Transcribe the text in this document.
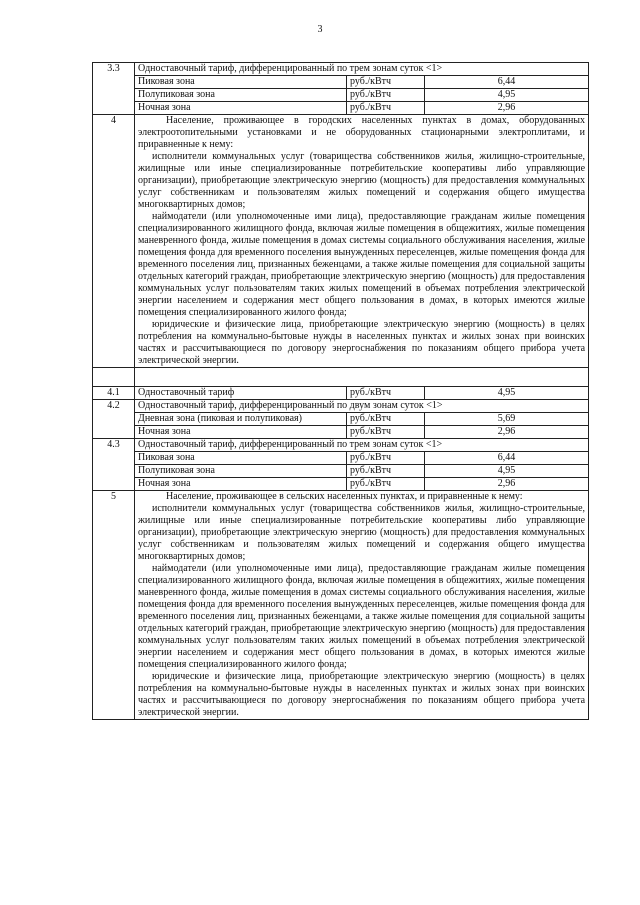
3
3.3	Одноставочный тариф, дифференцированный по трем зонам суток <1>		
	Пиковая зона	руб./кВтч	6,44
	Полупиковая зона	руб./кВтч	4,95
	Ночная зона	руб./кВтч	2,96
4	Население, проживающее в городских населенных пунктах в домах, оборудованных электроотопительными установками и не оборудованных стационарными электроплитами, и приравненные к нему:
исполнители коммунальных услуг (товарищества собственников жилья, жилищно-строительные, жилищные или иные специализированные потребительские кооперативы либо управляющие организации), приобретающие электрическую энергию (мощность) для предоставления коммунальных услуг собственникам и пользователям жилых помещений и содержания общего имущества многоквартирных домов;
наймодатели (или уполномоченные ими лица), предоставляющие гражданам жилые помещения специализированного жилищного фонда, включая жилые помещения в общежитиях, жилые помещения маневренного фонда, жилые помещения в домах системы социального обслуживания населения, жилые помещения фонда для временного поселения вынужденных переселенцев, жилые помещения фонда для временного поселения лиц, признанных беженцами, а также жилые помещения для социальной защиты отдельных категорий граждан, приобретающие электрическую энергию (мощность) для предоставления коммунальных услуг пользователям таких жилых помещений в объемах потребления электрической энергии населением и содержания мест общего пользования в домах, в которых имеются жилые помещения специализированного жилого фонда;
юридические и физические лица, приобретающие электрическую энергию (мощность) в целях потребления на коммунально-бытовые нужды в населенных пунктах и жилых зонах при воинских частях и рассчитывающиеся по договору энергоснабжения по показаниям общего прибора учета электрической энергии.		

4.1	Одноставочный тариф	руб./кВтч	4,95
4.2	Одноставочный тариф, дифференцированный по двум зонам суток <1>		
	Дневная зона (пиковая и полупиковая)	руб./кВтч	5,69
	Ночная зона	руб./кВтч	2,96
4.3	Одноставочный тариф, дифференцированный по трем зонам суток <1>		
	Пиковая зона	руб./кВтч	6,44
	Полупиковая зона	руб./кВтч	4,95
	Ночная зона	руб./кВтч	2,96
5	Население, проживающее в сельских населенных пунктах, и приравненные к нему:
исполнители коммунальных услуг (товарищества собственников жилья, жилищно-строительные, жилищные или иные специализированные потребительские кооперативы либо управляющие организации), приобретающие электрическую энергию (мощность) для предоставления коммунальных услуг собственникам и пользователям жилых помещений и содержания общего имущества многоквартирных домов;
наймодатели (или уполномоченные ими лица), предоставляющие гражданам жилые помещения специализированного жилищного фонда, включая жилые помещения в общежитиях, жилые помещения маневренного фонда, жилые помещения в домах системы социального обслуживания населения, жилые помещения фонда для временного поселения вынужденных переселенцев, жилые помещения фонда для временного поселения лиц, признанных беженцами, а также жилые помещения для социальной защиты отдельных категорий граждан, приобретающие электрическую энергию (мощность) для предоставления коммунальных услуг пользователям таких жилых помещений в объемах потребления электрической энергии населением и содержания мест общего пользования в домах, в которых имеются жилые помещения специализированного жилого фонда;
юридические и физические лица, приобретающие электрическую энергию (мощность) в целях потребления на коммунально-бытовые нужды в населенных пунктах и жилых зонах при воинских частях и рассчитывающиеся по договору энергоснабжения по показаниям общего прибора учета электрической энергии.		
